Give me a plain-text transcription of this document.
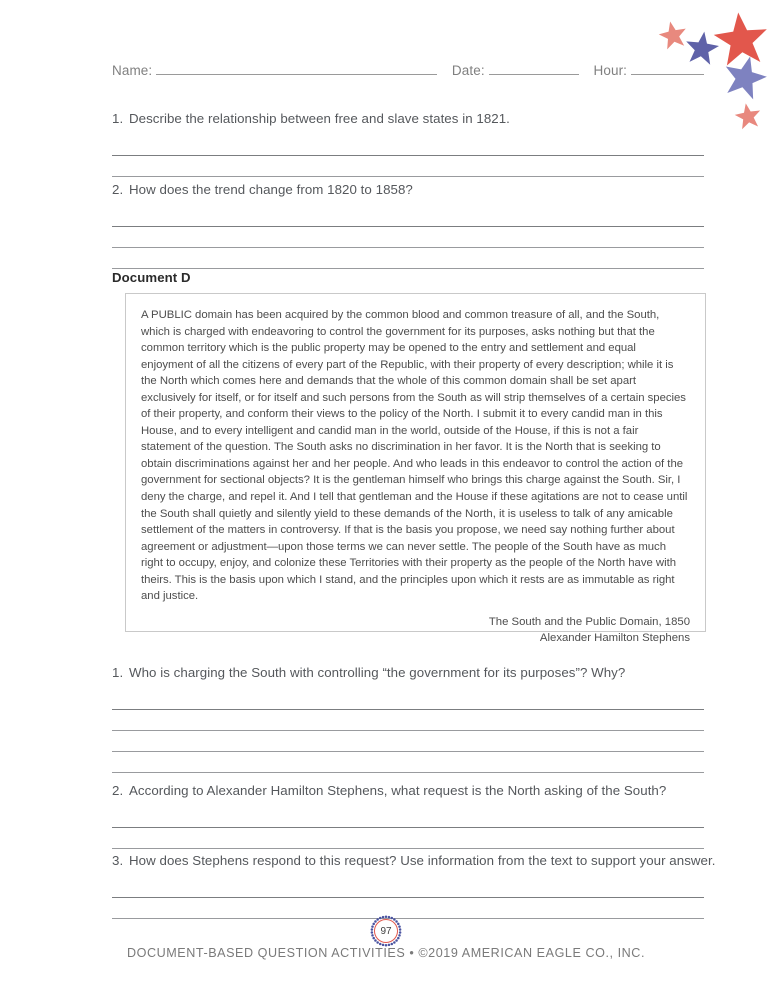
Name:	Date:	Hour:
1. Describe the relationship between free and slave states in 1821.
2. How does the trend change from 1820 to 1858?
Document D
A PUBLIC domain has been acquired by the common blood and common treasure of all, and the South, which is charged with endeavoring to control the government for its purposes, asks nothing but that the common territory which is the public property may be opened to the entry and settlement and equal enjoyment of all the citizens of every part of the Republic, with their property of every description; while it is the North which comes here and demands that the whole of this common domain shall be set apart exclusively for itself, or for itself and such persons from the South as will strip themselves of a certain species of their property, and conform their views to the policy of the North. I submit it to every candid man in this House, and to every intelligent and candid man in the world, outside of the House, if this is not a fair statement of the question. The South asks no discrimination in her favor. It is the North that is seeking to obtain discriminations against her and her people. And who leads in this endeavor to control the action of the government for sectional objects? It is the gentleman himself who brings this charge against the South. Sir, I deny the charge, and repel it. And I tell that gentleman and the House if these agitations are not to cease until the South shall quietly and silently yield to these demands of the North, it is useless to talk of any amicable settlement of the matters in controversy. If that is the basis you propose, we need say nothing further about agreement or adjustment—upon those terms we can never settle. The people of the South have as much right to occupy, enjoy, and colonize these Territories with their property as the people of the North have with theirs. This is the basis upon which I stand, and the principles upon which it rests are as immutable as right and justice.
The South and the Public Domain, 1850
Alexander Hamilton Stephens
1. Who is charging the South with controlling “the government for its purposes”? Why?
2. According to Alexander Hamilton Stephens, what request is the North asking of the South?
3. How does Stephens respond to this request? Use information from the text to support your answer.
97
DOCUMENT-BASED QUESTION ACTIVITIES • ©2019 AMERICAN EAGLE CO., INC.
